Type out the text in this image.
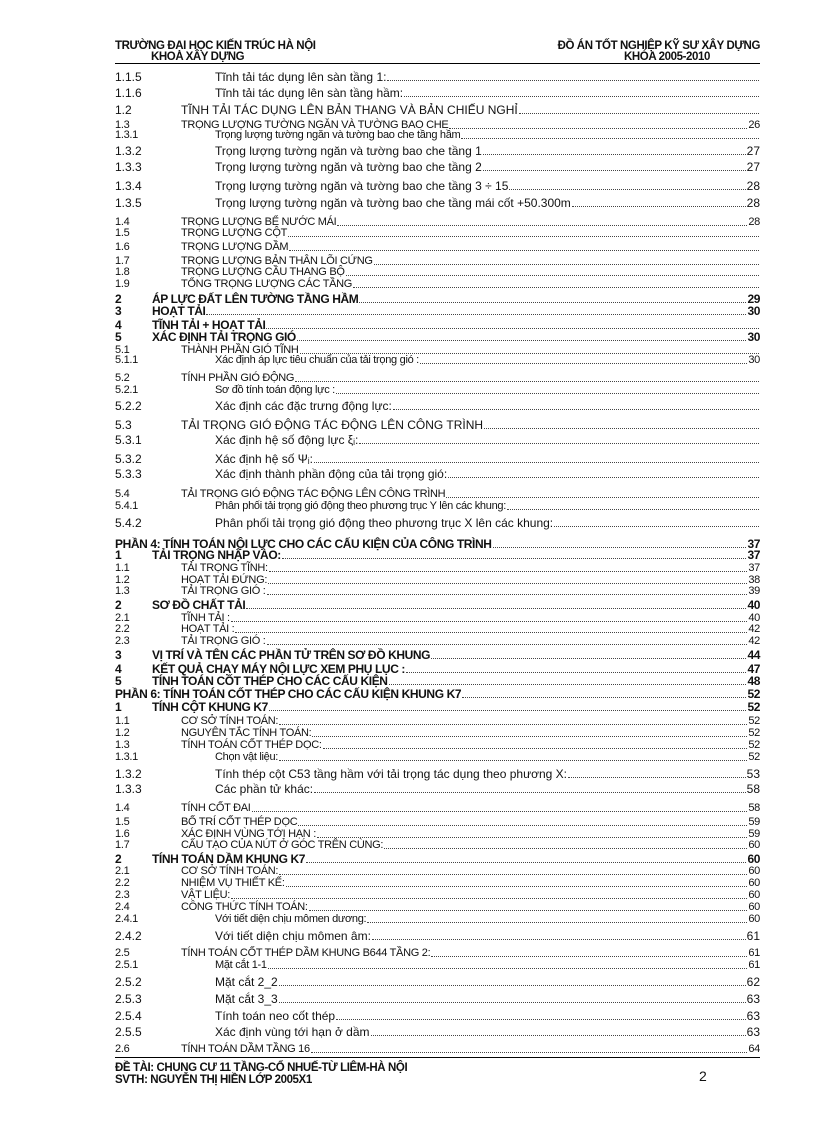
TRƯỜNG ĐẠI HỌC KIẾN TRÚC HÀ NỘI
KHOA XÂY DỰNG
ĐỒ ÁN TỐT NGHIỆP KỸ SƯ XÂY DỰNG
KHÓA 2005-2010
1.1.5	Tĩnh tải tác dụng lên sàn tầng 1:
1.1.6	Tĩnh tải tác dụng lên sàn tầng hầm:
1.2	TĨNH TẢI TÁC DỤNG LÊN BẢN THANG VÀ BẢN CHIẾU NGHỈ
1.3	TRỌNG LƯỢNG TƯỜNG NGĂN VÀ TƯỜNG BAO CHE	26
1.3.1	Trọng lượng tường ngăn và tường bao che tầng hầm
1.3.2	Trọng lượng tường ngăn và tường bao che tầng 1	27
1.3.3	Trọng lượng tường ngăn và tường bao che tầng 2	27
1.3.4	Trọng lượng tường ngăn và tường bao che tầng 3 ÷ 15	28
1.3.5	Trọng lượng tường ngăn và tường bao che tầng mái cốt +50.300m	28
1.4	TRỌNG LƯỢNG BỂ NƯỚC MÁI	28
1.5	TRỌNG LƯỢNG CỘT
1.6	TRỌNG LƯỢNG DẦM
1.7	TRỌNG LƯỢNG BẢN THÂN LÕI CỨNG
1.8	TRỌNG LƯỢNG CẦU THANG BỘ
1.9	TỔNG TRỌNG LƯỢNG CÁC TẦNG
2	ÁP LỰC ĐẤT LÊN TƯỜNG TẦNG HẦM	29
3	HOẠT TẢI	30
4	TĨNH TẢI + HOẠT TẢI
5	XÁC ĐỊNH TẢI TRỌNG GIÓ	30
5.1	THÀNH PHẦN GIÓ TĨNH
5.1.1	Xác định áp lực tiêu chuẩn của tải trọng gió :	30
5.2	TÍNH PHẦN GIÓ ĐỘNG
5.2.1	Sơ đồ tính toán động lực :
5.2.2	Xác định các đặc trưng động lực:
5.3	TẢI TRỌNG GIÓ ĐỘNG TÁC ĐỘNG LÊN CÔNG TRÌNH
5.3.1	Xác định hệ số động lực ξᵢ:
5.3.2	Xác định hệ số Ψᵢ:
5.3.3	Xác định thành phần động của tải trọng gió:
5.4	TẢI TRỌNG GIÓ ĐỘNG TÁC ĐỘNG LÊN CÔNG TRÌNH
5.4.1	Phân phối tải trọng gió động theo phương trục Y lên các khung:
5.4.2	Phân phối tải trọng gió động theo phương trục X lên các khung:
PHẦN 4: TÍNH TOÁN NỘI LỰC CHO CÁC CẤU KIỆN CỦA CÔNG TRÌNH	37
1	TẢI TRỌNG NHẬP VÀO:	37
1.1	TẢI TRỌNG TĨNH:	37
1.2	HOẠT TẢI ĐỨNG:	38
1.3	TẢI TRỌNG GIÓ :	39
2	SƠ ĐỒ CHẤT TẢI	40
2.1	TĨNH TẢI :	40
2.2	HOẠT TẢI :	42
2.3	TẢI TRỌNG GIÓ :	42
3	VỊ TRÍ VÀ TÊN CÁC PHẦN TỬ TRÊN SƠ ĐỒ KHUNG	44
4	KẾT QUẢ CHẠY MÁY NỘI LỰC XEM PHỤ LỤC :	47
5	TÍNH TOÁN CỐT THÉP CHO CÁC CẤU KIỆN	48
PHẦN 6: TÍNH TOÁN CỐT THÉP CHO CÁC CẤU KIỆN KHUNG K7	52
1	TÍNH CỘT KHUNG K7	52
1.1	CƠ SỞ TÍNH TOÁN:	52
1.2	NGUYÊN TẮC TÍNH TOÁN:	52
1.3	TÍNH TOÁN CỐT THÉP DỌC:	52
1.3.1	Chọn vật liệu:	52
1.3.2	Tính thép cột C53 tầng hầm với tải trọng tác dụng theo phương X:	53
1.3.3	Các phần tử khác:	58
1.4	TÍNH CỐT ĐAI	58
1.5	BỐ TRÍ CỐT THÉP DỌC	59
1.6	XÁC ĐỊNH VÙNG TỚI HẠN :	59
1.7	CẤU TẠO CỦA NÚT Ở GÓC TRÊN CÙNG:	60
2	TÍNH TOÁN DẦM KHUNG K7	60
2.1	CƠ SỞ TÍNH TOÁN:	60
2.2	NHIỆM VỤ THIẾT KẾ:	60
2.3	VẬT LIỆU:	60
2.4	CÔNG THỨC TÍNH TOÁN:	60
2.4.1	Với tiết diện chịu mômen dương:	60
2.4.2	Với tiết diện chịu mômen âm:	61
2.5	TÍNH TOÁN CỐT THÉP DẦM KHUNG B644 TẦNG 2:	61
2.5.1	Mặt cắt 1-1	61
2.5.2	Mặt cắt 2_2	62
2.5.3	Mặt cắt 3_3	63
2.5.4	Tính toán neo cốt thép	63
2.5.5	Xác định vùng tới hạn ở dầm	63
2.6	TÍNH TOÁN DẦM TẦNG 16	64
ĐỀ TÀI: CHUNG CƯ 11 TẦNG-CỔ NHUẾ-TỪ LIÊM-HÀ NỘI
SVTH: NGUYỄN THỊ HIỀN LỚP 2005X1	2
